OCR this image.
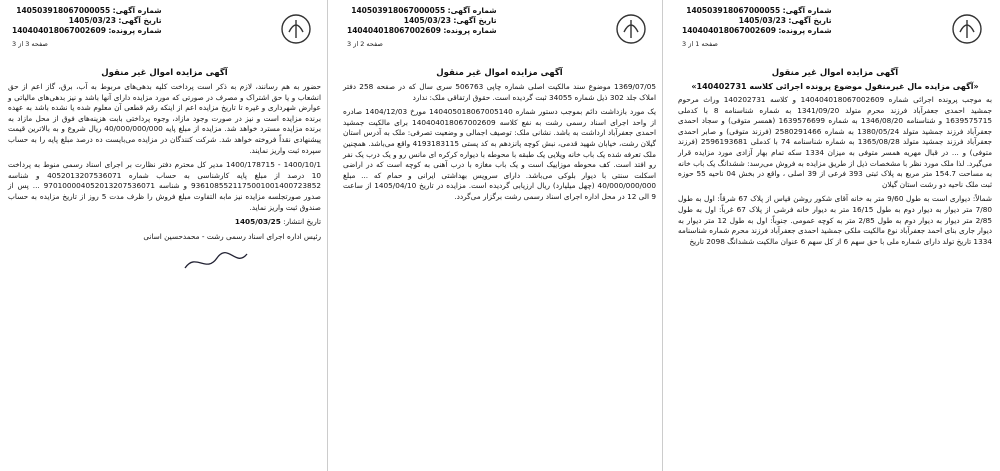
شماره آگهی: 140503918067000055
تاریخ آگهی: 1405/03/23
شماره پرونده: 140404018067002609
صفحه 1 از 3
آگهی مزایده اموال غیر منقول
«آگهی مزایده مال غیرمنقول موضوع پرونده اجرائی کلاسه 140402731»

به موجب پرونده اجرائی شماره 140404018067002609 و کلاسه 140202731 وراث مرحوم جمشید احمدی جعفرآباد فرزند محرم متولد 1341/09/20 به شماره شناسنامه 8 با کدملی 1639575715 و شناسنامه 1346/08/20 به شماره 1639576699 (همسر متوفی) و سجاد احمدی جعفرآباد فرزند جمشید متولد 1380/05/24 به شماره 2580291466 (فرزند متوفی) و صابر احمدی جعفرآباد فرزند جمشید متولد 1365/08/28 به شماره شناسنامه 74 با کدملی 2596193681 (فرزند متوفی) و ... در قبال مهریه همسر متوفی به میزان 1334 سکه تمام بهار آزادی مورد مزایده قرار می‌گیرد. لذا ملک مورد نظر با مشخصات ذیل از طریق مزایده به فروش می‌رسد: ششدانگ یک باب خانه به مساحت 154.7 متر مربع به پلاک ثبتی 393 فرعی از 39 اصلی ، واقع در بخش 04 ناحیه 55 حوزه ثبت ملک ناحیه دو رشت استان گیلان

شمالاً: دیواری است به طول 9/60 متر به خانه آقای شکور روشن قیاس از پلاک 67 شرقاً: اول به طول 7/80 متر دیوار به دیوار دوم به طول 16/15 متر به دیوار خانه فرشی از پلاک 67 غرباً: اول به طول 2/85 متر دیوار به دیوار دوم به طول 2/85 متر به کوچه عمومی. جنوباً: اول به طول 12 متر دیوار به دیوار جاری بنای احمد جعفرآباد نوع مالکیت ملکی جمشید احمدی جعفرآباد فرزند محرم شماره شناسنامه 1334 تاریخ تولد دارای شماره ملی با حق سهم 6 از کل سهم 6 عنوان مالکیت ششدانگ 2098 تاریخ

شماره آگهی: 140503918067000055
تاریخ آگهی: 1405/03/23
شماره پرونده: 140404018067002609
صفحه 2 از 3
آگهی مزایده اموال غیر منقول

1369/07/05 موضوع سند مالکیت اصلی شماره چاپی 506763 سری سال که در صفحه 258 دفتر املاک جلد 302 ذیل شماره 34055 ثبت گردیده است. حقوق ارتفاقی ملک: ندارد

یک مورد بازداشت دائم بموجب دستور شماره 140405018067005140 مورخ 1404/12/03 صادره از واحد اجرای اسناد رسمی رشت به نفع کلاسه 140404018067002609 برای مالکیت جمشید احمدی جعفرآباد ارداشت به باشد. نشانی ملک: توصیف اجمالی و وضعیت تصرفی: ملک به آدرس استان گیلان رشت، خیابان شهید قدمی، نبش کوچه پانزدهم به کد پستی 4193183115 واقع می‌باشد. همچنین ملک تعرفه شده یک باب خانه ویلایی یک طبقه با محوطه با دیواره کرکره ای مانس رو و یک درب یک نفر رو افتد است. کف محوطه موزاییک است و یک باب مغازه با درب آهنی به کوچه است که در اراضی اسکلت سنتی با دیوار بلوکی می‌باشد. دارای سرویس بهداشتی ایرانی و حمام که ... مبلغ 40/000/000/000 (چهل میلیارد) ریال ارزیابی گردیده است. مزایده در تاریخ 1405/04/10 از ساعت 9 الی 12 در محل اداره اجرای اسناد رسمی رشت برگزار می‌گردد.

شماره آگهی: 140503918067000055
تاریخ آگهی: 1405/03/23
شماره پرونده: 140404018067002609
صفحه 3 از 3
آگهی مزایده اموال غیر منقول

حضور به هم رسانند، لازم به ذکر است پرداخت کلیه بدهی‌های مربوط به آب، برق، گاز اعم از حق انشعاب و یا حق اشتراک و مصرف در صورتی که مورد مزایده دارای آنها باشد و نیز بدهی‌های مالیاتی و عوارض شهرداری و غیره تا تاریخ مزایده اعم از اینکه رقم قطعی آن معلوم شده یا نشده باشد به عهده برنده مزایده است و نیز در صورت وجود مازاد، وجوه پرداختی بابت هزینه‌های فوق از محل مازاد به برنده مزایده مسترد خواهد شد. مزایده از مبلغ پایه 40/000/000/000 ریال شروع و به بالاترین قیمت پیشنهادی نقداً فروخته خواهد شد. شرکت کنندگان در مزایده می‌بایست ده درصد مبلغ پایه را به حساب سپرده ثبت واریز نمایند.

1400/10/1 - 1400/178715 مدیر کل محترم دفتر نظارت بر اجرای اسناد رسمی منوط به پرداخت 10 درصد از مبلغ پایه کارشناسی به حساب شماره 4052013207536071 و شناسه 9361085521175001001400723852 و شناسه 970100004052013207536071 ... پس از صدور صورتجلسه مزایده نیز مابه التفاوت مبلغ فروش را ظرف مدت 5 روز از تاریخ مزایده به حساب صندوق ثبت واریز نماید.

تاریخ انتشار: 1405/03/25

رئیس اداره اجرای اسناد رسمی رشت - محمدحسین اسانی
